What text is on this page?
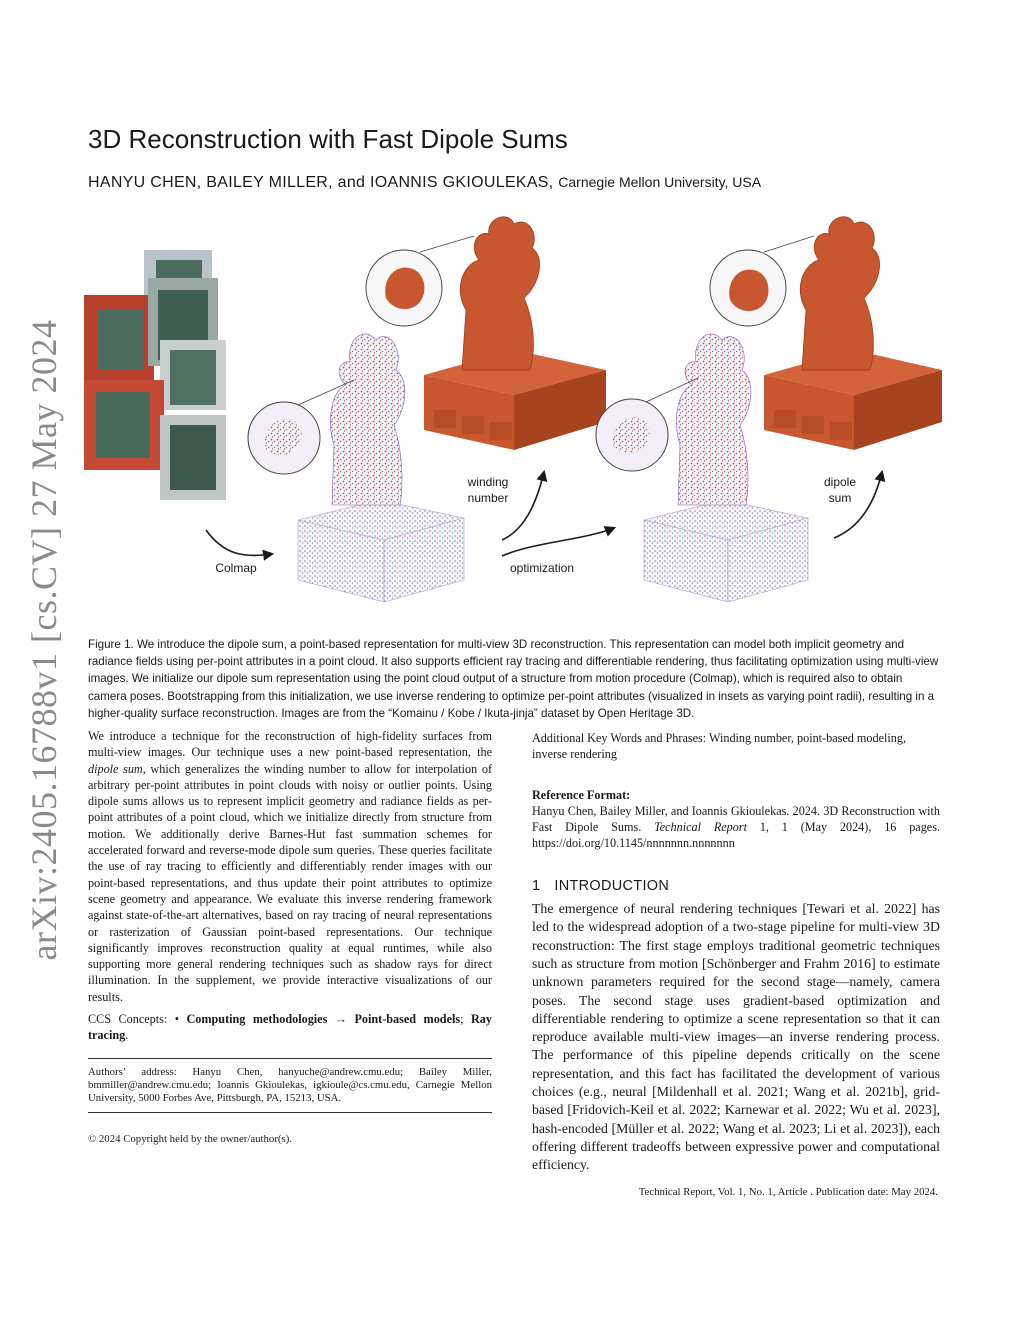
arXiv:2405.16788v1 [cs.CV] 27 May 2024
3D Reconstruction with Fast Dipole Sums
HANYU CHEN, BAILEY MILLER, and IOANNIS GKIOULEKAS, Carnegie Mellon University, USA
Colmap
winding
number
optimization
dipole
sum
Figure 1. We introduce the dipole sum, a point-based representation for multi-view 3D reconstruction. This representation can model both implicit geometry and radiance fields using per-point attributes in a point cloud. It also supports efficient ray tracing and differentiable rendering, thus facilitating optimization using multi-view images. We initialize our dipole sum representation using the point cloud output of a structure from motion procedure (Colmap), which is required also to obtain camera poses. Bootstrapping from this initialization, we use inverse rendering to optimize per-point attributes (visualized in insets as varying point radii), resulting in a higher-quality surface reconstruction. Images are from the “Komainu / Kobe / Ikuta-jinja” dataset by Open Heritage 3D.

We introduce a technique for the reconstruction of high-fidelity surfaces from multi-view images. Our technique uses a new point-based representation, the dipole sum, which generalizes the winding number to allow for interpolation of arbitrary per-point attributes in point clouds with noisy or outlier points. Using dipole sums allows us to represent implicit geometry and radiance fields as per-point attributes of a point cloud, which we initialize directly from structure from motion. We additionally derive Barnes-Hut fast summation schemes for accelerated forward and reverse-mode dipole sum queries. These queries facilitate the use of ray tracing to efficiently and differentiably render images with our point-based representations, and thus update their point attributes to optimize scene geometry and appearance. We evaluate this inverse rendering framework against state-of-the-art alternatives, based on ray tracing of neural representations or rasterization of Gaussian point-based representations. Our technique significantly improves reconstruction quality at equal runtimes, while also supporting more general rendering techniques such as shadow rays for direct illumination. In the supplement, we provide interactive visualizations of our results.

CCS Concepts: • Computing methodologies → Point-based models; Ray tracing.

Authors’ address: Hanyu Chen, hanyuche@andrew.cmu.edu; Bailey Miller, bmmiller@andrew.cmu.edu; Ioannis Gkioulekas, igkioule@cs.cmu.edu, Carnegie Mellon University, 5000 Forbes Ave, Pittsburgh, PA, 15213, USA.
© 2024 Copyright held by the owner/author(s).

Additional Key Words and Phrases: Winding number, point-based modeling, inverse rendering

Reference Format:

Hanyu Chen, Bailey Miller, and Ioannis Gkioulekas. 2024. 3D Reconstruction with Fast Dipole Sums. Technical Report 1, 1 (May 2024), 16 pages. https://doi.org/10.1145/nnnnnnn.nnnnnnn

1 INTRODUCTION

The emergence of neural rendering techniques [Tewari et al. 2022] has led to the widespread adoption of a two-stage pipeline for multi-view 3D reconstruction: The first stage employs traditional geometric techniques such as structure from motion [Schönberger and Frahm 2016] to estimate unknown parameters required for the second stage—namely, camera poses. The second stage uses gradient-based optimization and differentiable rendering to optimize a scene representation so that it can reproduce available multi-view images—an inverse rendering process. The performance of this pipeline depends critically on the scene representation, and this fact has facilitated the development of various choices (e.g., neural [Mildenhall et al. 2021; Wang et al. 2021b], grid-based [Fridovich-Keil et al. 2022; Karnewar et al. 2022; Wu et al. 2023], hash-encoded [Müller et al. 2022; Wang et al. 2023; Li et al. 2023]), each offering different tradeoffs between expressive power and computational efficiency.

Technical Report, Vol. 1, No. 1, Article . Publication date: May 2024.
